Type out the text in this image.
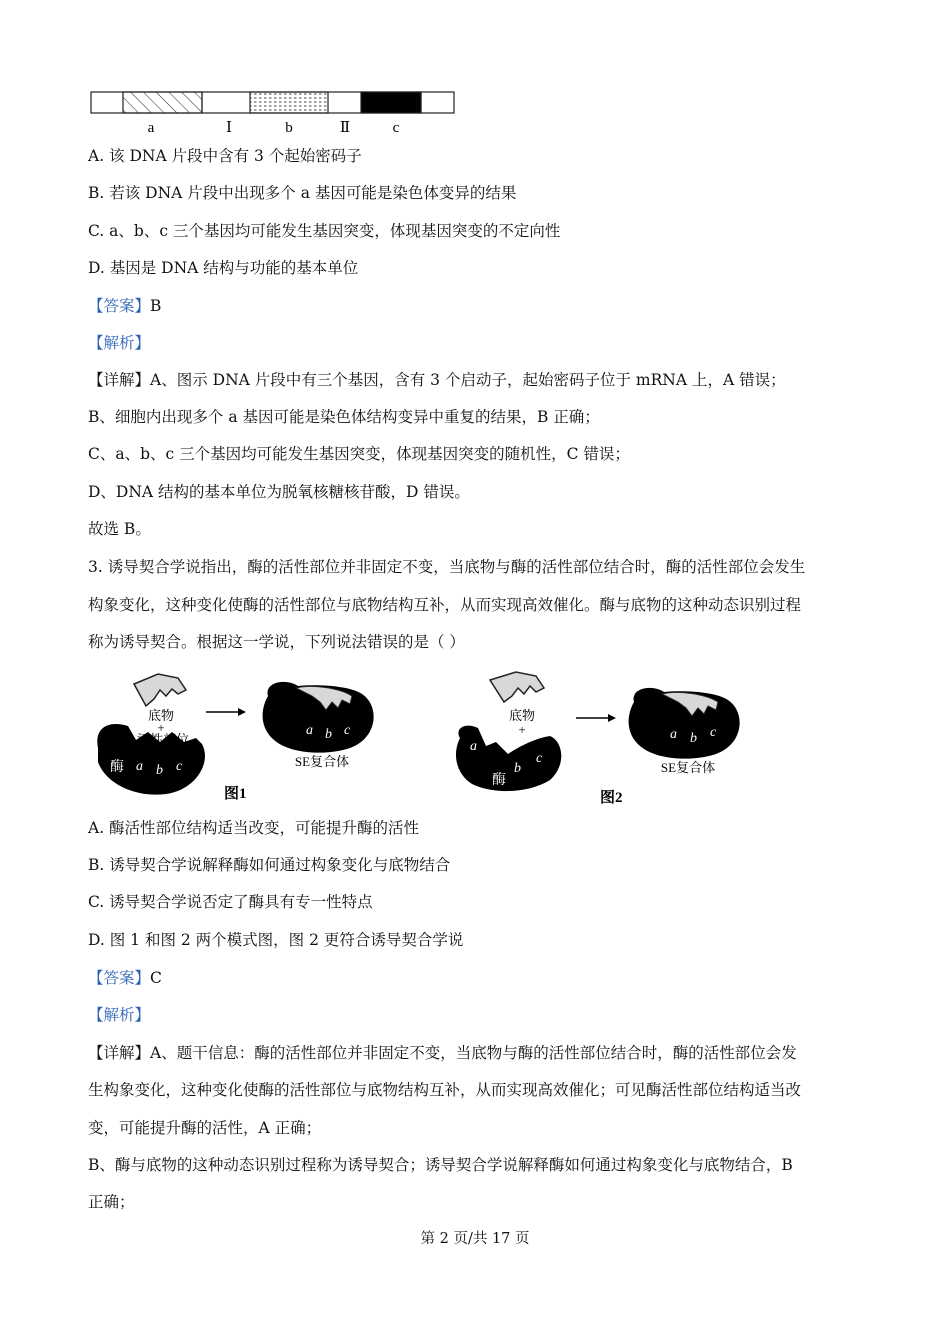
a	Ⅰ	b	Ⅱ	c
A. 该 DNA 片段中含有 3 个起始密码子
B. 若该 DNA 片段中出现多个 a 基因可能是染色体变异的结果
C. a、b、c 三个基因均可能发生基因突变，体现基因突变的不定向性
D. 基因是 DNA 结构与功能的基本单位
【答案】B
【解析】
【详解】A、图示 DNA 片段中有三个基因，含有 3 个启动子，起始密码子位于 mRNA 上，A 错误；
B、细胞内出现多个 a 基因可能是染色体结构变异中重复的结果，B 正确；
C、a、b、c 三个基因均可能发生基因突变，体现基因突变的随机性，C 错误；
D、DNA 结构的基本单位为脱氧核糖核苷酸，D 错误。
故选 B。
3. 诱导契合学说指出，酶的活性部位并非固定不变，当底物与酶的活性部位结合时，酶的活性部位会发生
构象变化，这种变化使酶的活性部位与底物结构互补，从而实现高效催化。酶与底物的这种动态识别过程
称为诱导契合。根据这一学说，下列说法错误的是（ ）
底物
+
活性部位
酶 a b c
图1
a b c
SE复合体
底物
+
a
酶
b
c
图2
a b c
SE复合体
A. 酶活性部位结构适当改变，可能提升酶的活性
B. 诱导契合学说解释酶如何通过构象变化与底物结合
C. 诱导契合学说否定了酶具有专一性特点
D. 图 1 和图 2 两个模式图，图 2 更符合诱导契合学说
【答案】C
【解析】
【详解】A、题干信息：酶的活性部位并非固定不变，当底物与酶的活性部位结合时，酶的活性部位会发
生构象变化，这种变化使酶的活性部位与底物结构互补，从而实现高效催化；可见酶活性部位结构适当改
变，可能提升酶的活性，A 正确；
B、酶与底物的这种动态识别过程称为诱导契合；诱导契合学说解释酶如何通过构象变化与底物结合，B
正确；
第 2 页/共 17 页
